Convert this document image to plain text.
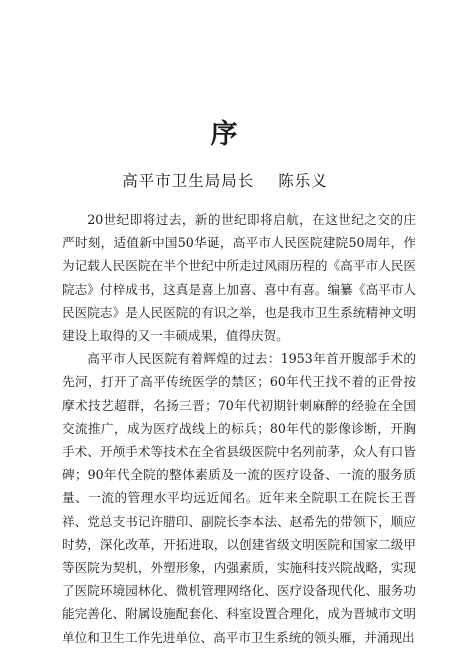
序
高平市卫生局局长 陈乐义

20世纪即将过去，新的世纪即将启航，在这世纪之交的庄严时刻，适值新中国50华诞，高平市人民医院建院50周年，作为记载人民医院在半个世纪中所走过风雨历程的《高平市人民医院志》付梓成书，这真是喜上加喜、喜中有喜。编纂《高平市人民医院志》是人民医院的有识之举，也是我市卫生系统精神文明建设上取得的又一丰硕成果，值得庆贺。

高平市人民医院有着辉煌的过去：1953年首开腹部手术的先河，打开了高平传统医学的禁区；60年代王找不着的正骨按摩术技艺超群，名扬三晋；70年代初期针刺麻醉的经验在全国交流推广，成为医疗战线上的标兵；80年代的影像诊断，开胸手术、开颅手术等技术在全省县级医院中名列前茅，众人有口皆碑；90年代全院的整体素质及一流的医疗设备、一流的服务质量、一流的管理水平均远近闻名。近年来全院职工在院长王晋祥、党总支书记许腊印、副院长李本法、赵希先的带领下，顺应时势，深化改革，开拓进取，以创建省级文明医院和国家二级甲等医院为契机，外塑形象，内强素质，实施科技兴院战略，实现了医院环境园林化、微机管理网络化、医疗设备现代化、服务功能完善化、附属设施配套化、科室设置合理化，成为晋城市文明单位和卫生工作先进单位、高平市卫生系统的领头雁，并涌现出
